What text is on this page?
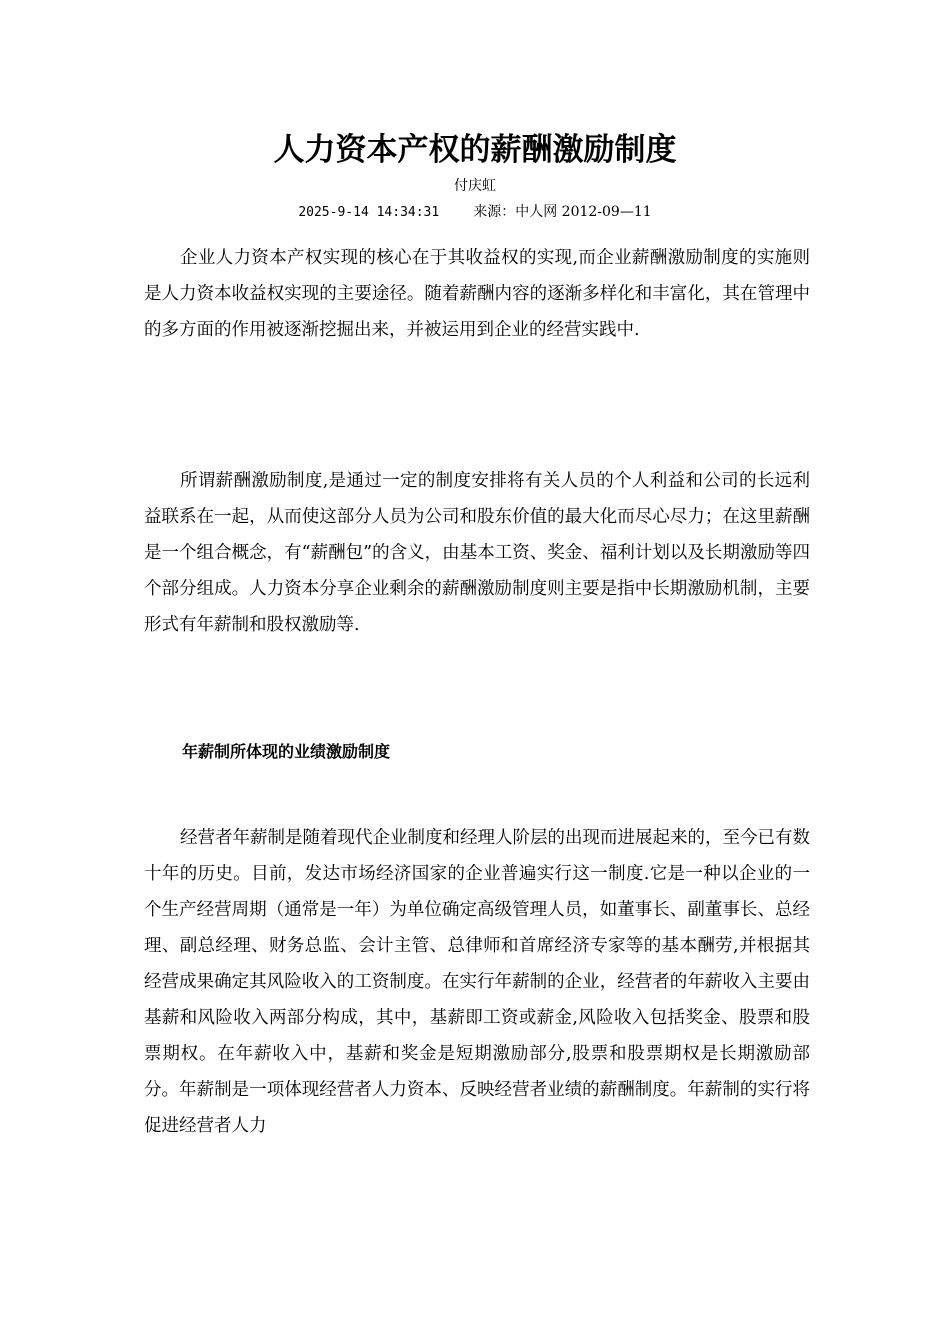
人力资本产权的薪酬激励制度
付庆虹
2025-9-14 14:34:31 来源：中人网 2012-09—11

企业人力资本产权实现的核心在于其收益权的实现,而企业薪酬激励制度的实施则是人力资本收益权实现的主要途径。随着薪酬内容的逐渐多样化和丰富化，其在管理中的多方面的作用被逐渐挖掘出来，并被运用到企业的经营实践中.

所谓薪酬激励制度,是通过一定的制度安排将有关人员的个人利益和公司的长远利益联系在一起，从而使这部分人员为公司和股东价值的最大化而尽心尽力；在这里薪酬是一个组合概念，有“薪酬包”的含义，由基本工资、奖金、福利计划以及长期激励等四个部分组成。人力资本分享企业剩余的薪酬激励制度则主要是指中长期激励机制，主要形式有年薪制和股权激励等.

年薪制所体现的业绩激励制度

经营者年薪制是随着现代企业制度和经理人阶层的出现而进展起来的，至今已有数十年的历史。目前，发达市场经济国家的企业普遍实行这一制度.它是一种以企业的一个生产经营周期（通常是一年）为单位确定高级管理人员，如董事长、副董事长、总经理、副总经理、财务总监、会计主管、总律师和首席经济专家等的基本酬劳,并根据其经营成果确定其风险收入的工资制度。在实行年薪制的企业，经营者的年薪收入主要由基薪和风险收入两部分构成，其中，基薪即工资或薪金,风险收入包括奖金、股票和股票期权。在年薪收入中，基薪和奖金是短期激励部分,股票和股票期权是长期激励部分。年薪制是一项体现经营者人力资本、反映经营者业绩的薪酬制度。年薪制的实行将促进经营者人力
